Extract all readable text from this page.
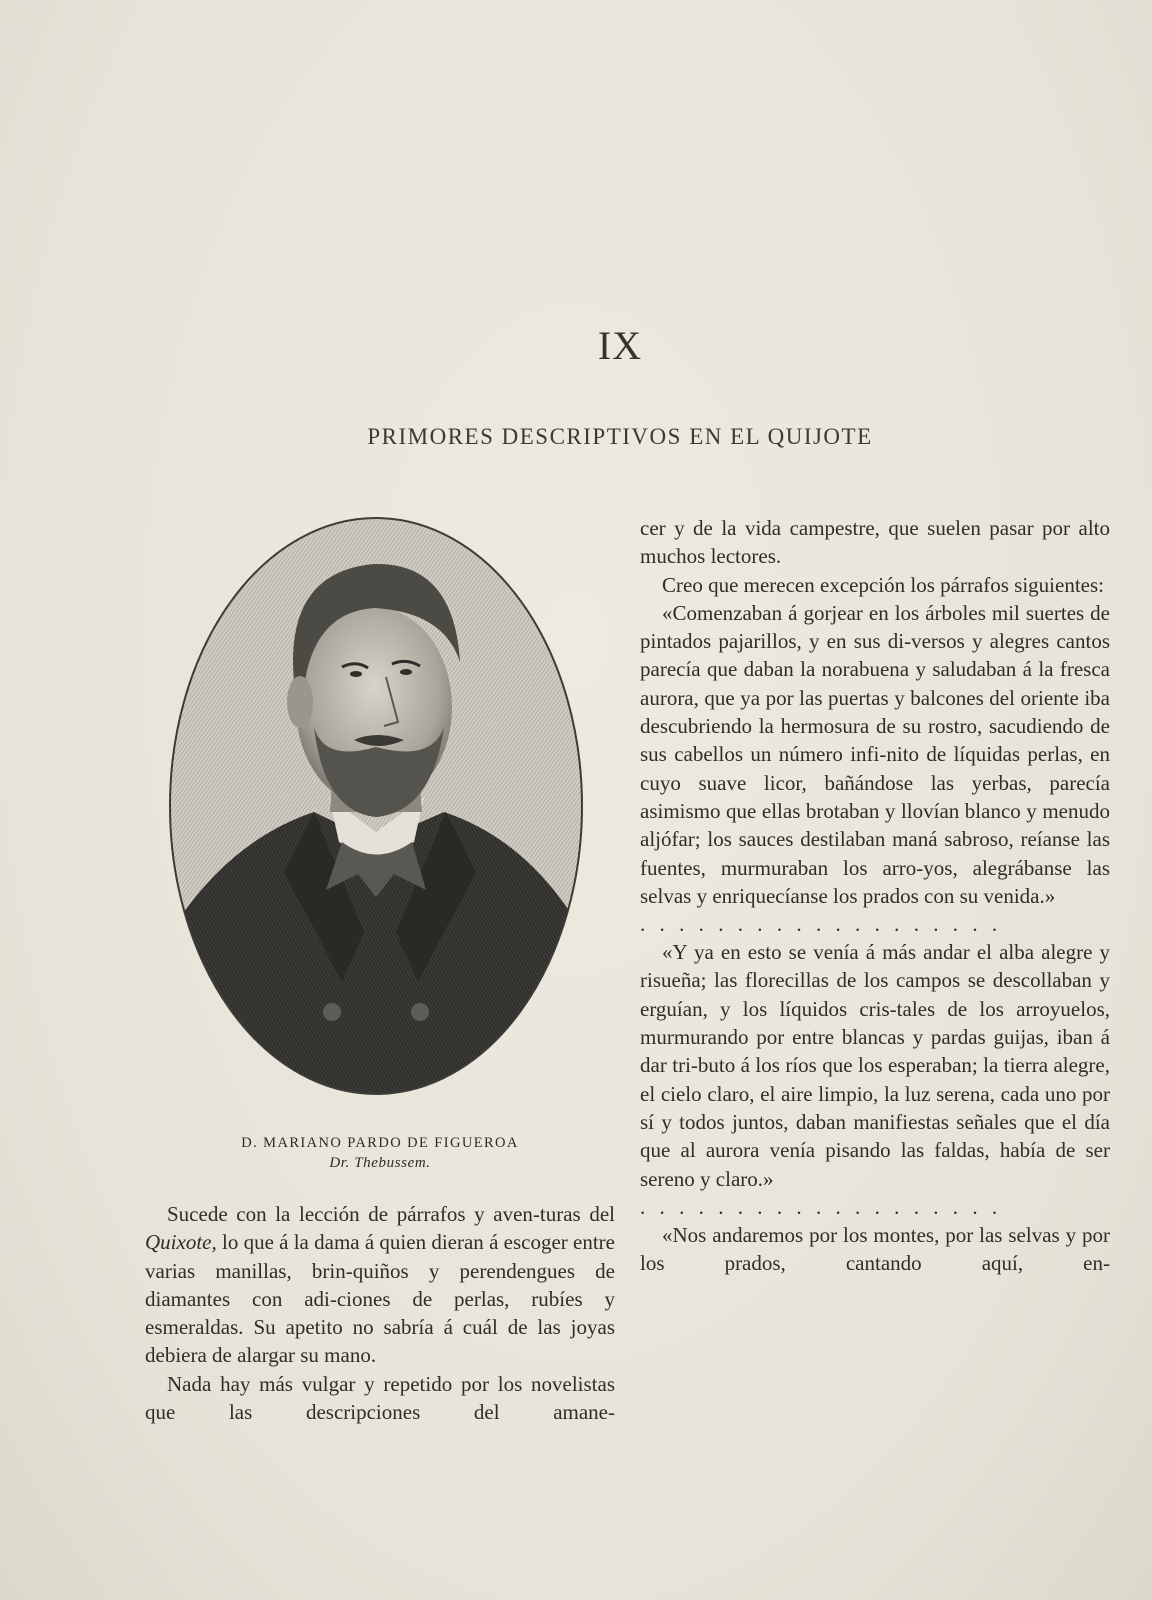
IX
PRIMORES DESCRIPTIVOS EN EL QUIJOTE
D. MARIANO PARDO DE FIGUEROA
Dr. Thebussem.

Sucede con la lección de párrafos y aven-turas del Quixote, lo que á la dama á quien dieran á escoger entre varias manillas, brin-quiños y perendengues de diamantes con adi-ciones de perlas, rubíes y esmeraldas. Su apetito no sabría á cuál de las joyas debiera de alargar su mano.

Nada hay más vulgar y repetido por los novelistas que las descripciones del amane-

cer y de la vida campestre, que suelen pasar por alto muchos lectores.

Creo que merecen excepción los párrafos siguientes:

«Comenzaban á gorjear en los árboles mil suertes de pintados pajarillos, y en sus di-versos y alegres cantos parecía que daban la norabuena y saludaban á la fresca aurora, que ya por las puertas y balcones del oriente iba descubriendo la hermosura de su rostro, sacudiendo de sus cabellos un número infi-nito de líquidas perlas, en cuyo suave licor, bañándose las yerbas, parecía asimismo que ellas brotaban y llovían blanco y menudo aljófar; los sauces destilaban maná sabroso, reíanse las fuentes, murmuraban los arro-yos, alegrábanse las selvas y enriquecíanse los prados con su venida.»

...................

«Y ya en esto se venía á más andar el alba alegre y risueña; las florecillas de los campos se descollaban y erguían, y los líquidos cris-tales de los arroyuelos, murmurando por entre blancas y pardas guijas, iban á dar tri-buto á los ríos que los esperaban; la tierra alegre, el cielo claro, el aire limpio, la luz serena, cada uno por sí y todos juntos, daban manifiestas señales que el día que al aurora venía pisando las faldas, había de ser sereno y claro.»

...................

«Nos andaremos por los montes, por las selvas y por los prados, cantando aquí, en-
